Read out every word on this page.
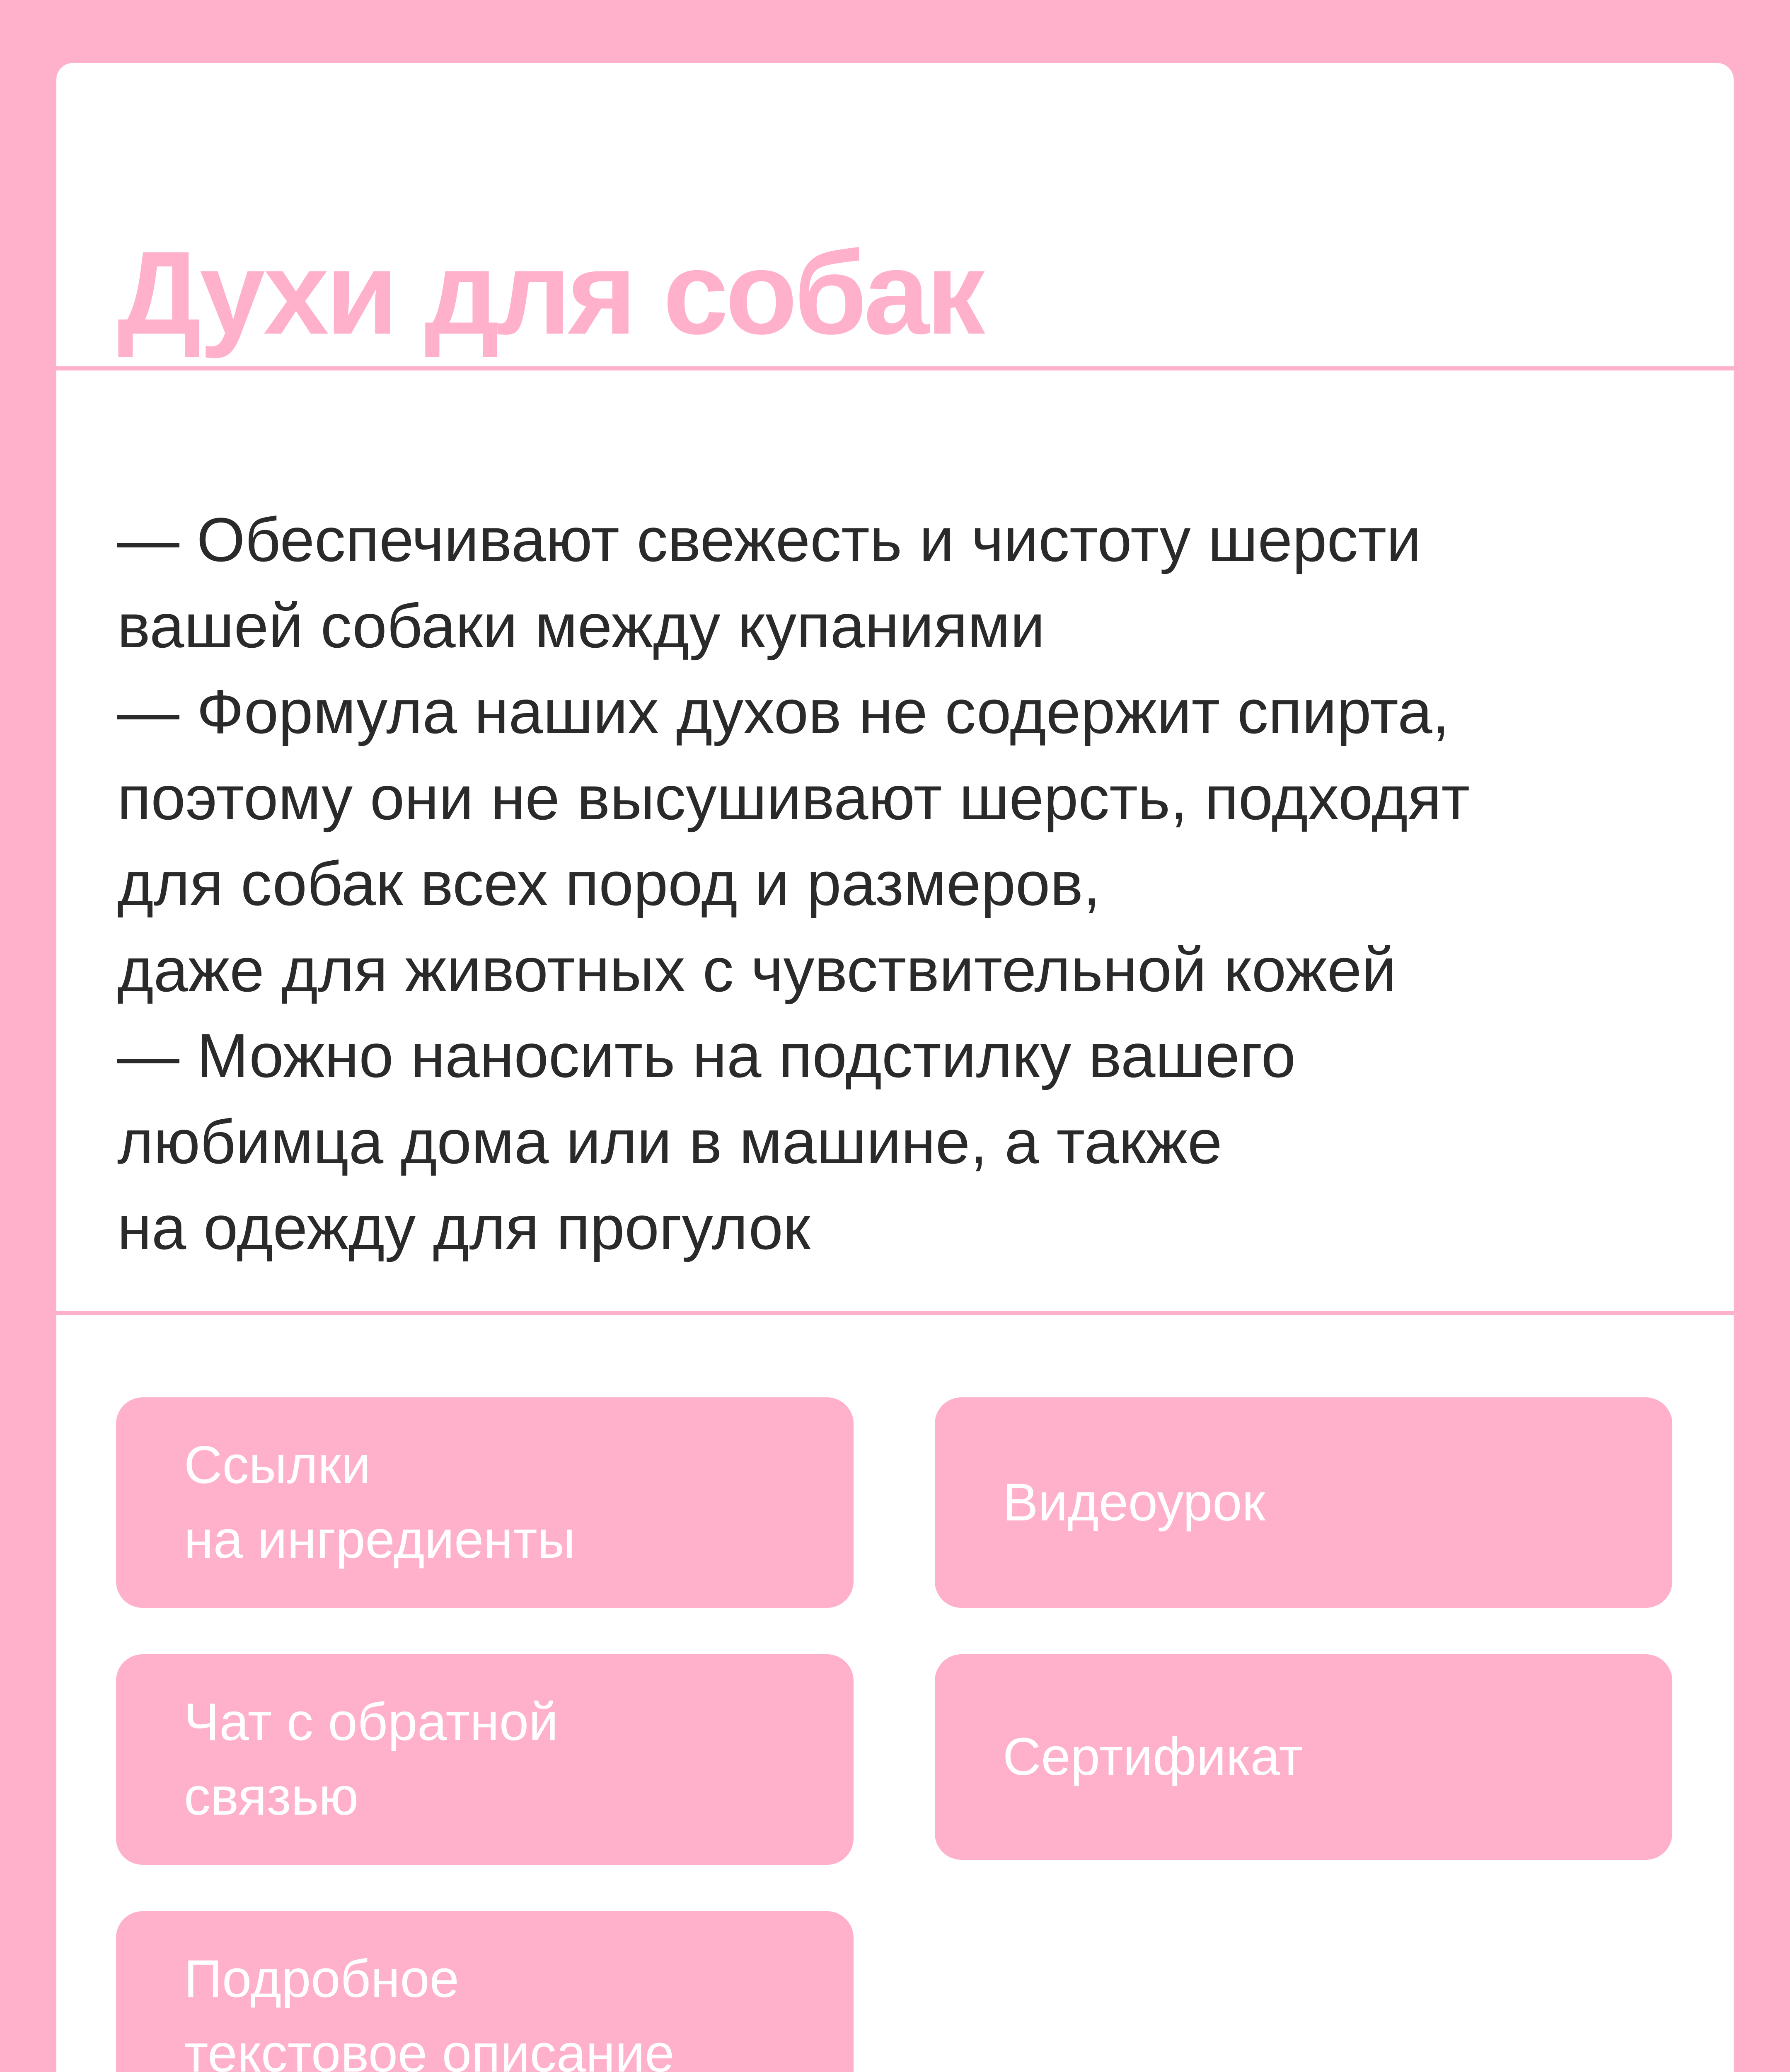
Духи для собак
— Обеспечивают свежесть и чистоту шерсти
вашей собаки между купаниями
— Формула наших духов не содержит спирта,
поэтому они не высушивают шерсть, подходят
для собак всех пород и размеров,
даже для животных с чувствительной кожей
— Можно наносить на подстилку вашего
любимца дома или в машине, а также
на одежду для прогулок
Ссылки
на ингредиенты
Видеоурок
Чат с обратной
связью
Сертификат
Подробное
текстовое описание
